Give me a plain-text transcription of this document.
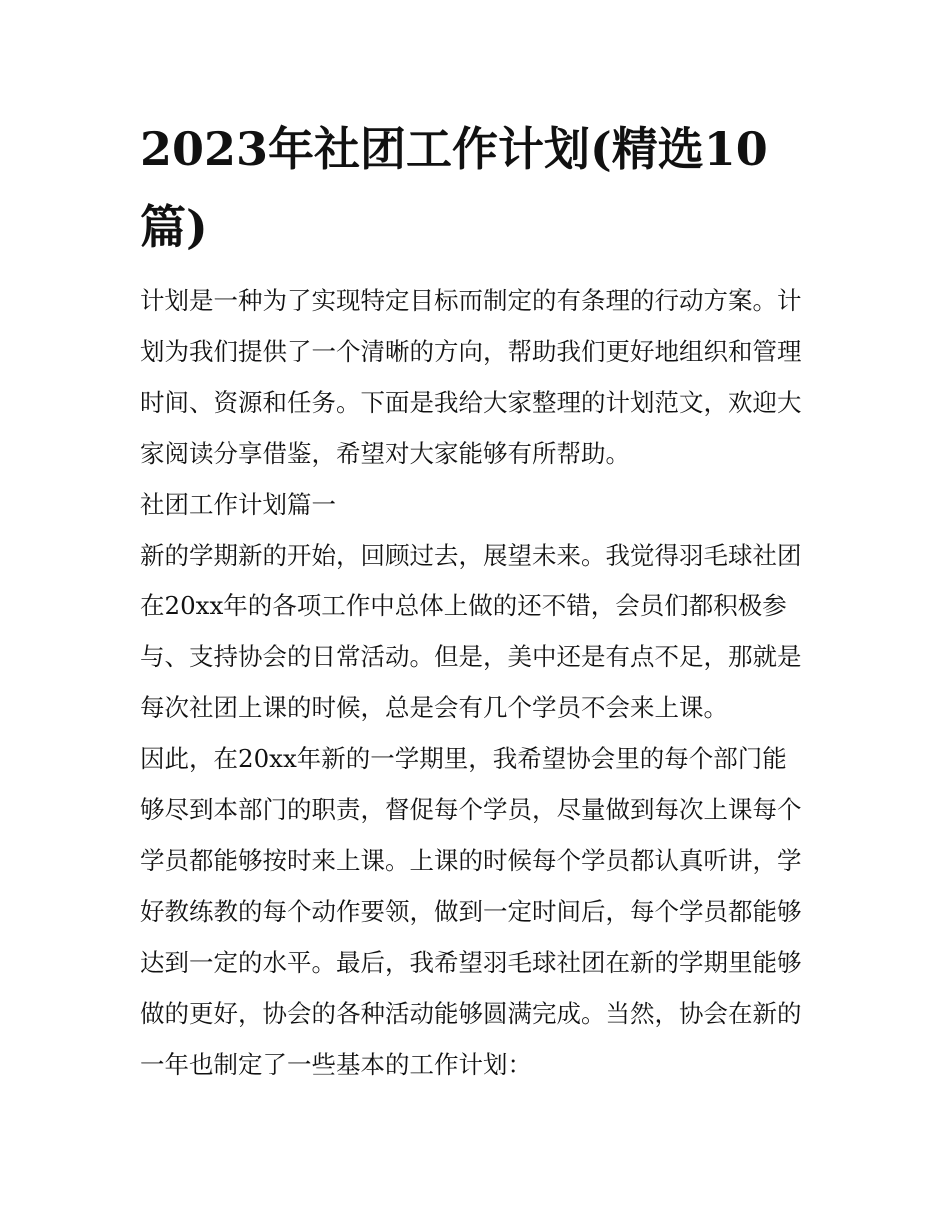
2023年社团工作计划(精选10
篇)
计划是一种为了实现特定目标而制定的有条理的行动方案。计
划为我们提供了一个清晰的方向，帮助我们更好地组织和管理
时间、资源和任务。下面是我给大家整理的计划范文，欢迎大
家阅读分享借鉴，希望对大家能够有所帮助。
社团工作计划篇一
新的学期新的开始，回顾过去，展望未来。我觉得羽毛球社团
在20xx年的各项工作中总体上做的还不错，会员们都积极参
与、支持协会的日常活动。但是，美中还是有点不足，那就是
每次社团上课的时候，总是会有几个学员不会来上课。
因此，在20xx年新的一学期里，我希望协会里的每个部门能
够尽到本部门的职责，督促每个学员，尽量做到每次上课每个
学员都能够按时来上课。上课的时候每个学员都认真听讲，学
好教练教的每个动作要领，做到一定时间后，每个学员都能够
达到一定的水平。最后，我希望羽毛球社团在新的学期里能够
做的更好，协会的各种活动能够圆满完成。当然，协会在新的
一年也制定了一些基本的工作计划：
